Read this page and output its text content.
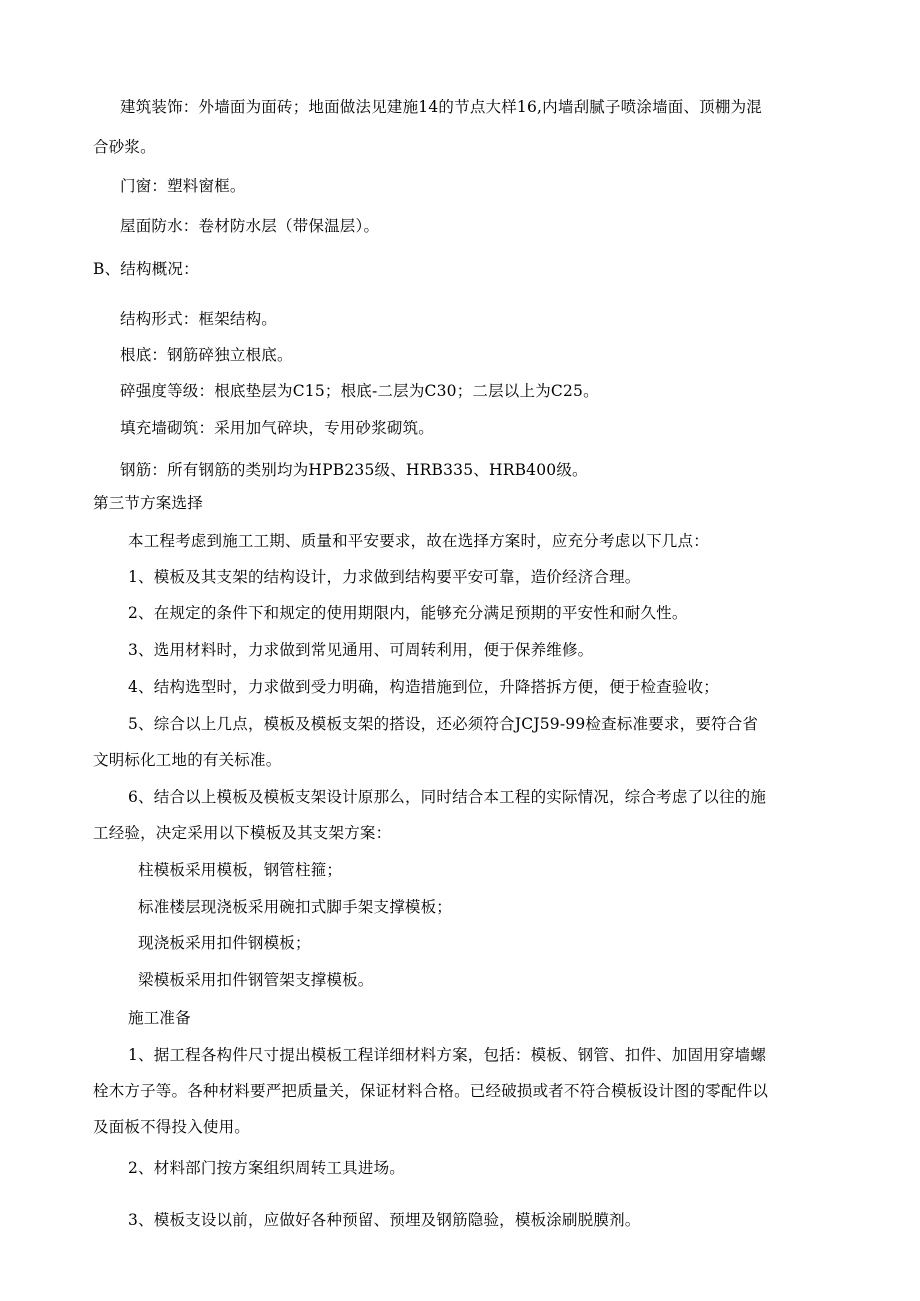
建筑装饰：外墙面为面砖；地面做法见建施14的节点大样16,内墙刮腻子喷涂墙面、顶棚为混
合砂浆。
门窗：塑料窗框。
屋面防水：卷材防水层（带保温层）。
B、结构概况：
结构形式：框架结构。
根底：钢筋碎独立根底。
碎强度等级：根底垫层为C15；根底-二层为C30；二层以上为C25。
填充墙砌筑：采用加气碎块，专用砂浆砌筑。
钢筋：所有钢筋的类别均为HPB235级、HRB335、HRB400级。
第三节方案选择
本工程考虑到施工工期、质量和平安要求，故在选择方案时，应充分考虑以下几点：
1、模板及其支架的结构设计，力求做到结构要平安可靠，造价经济合理。
2、在规定的条件下和规定的使用期限内，能够充分满足预期的平安性和耐久性。
3、选用材料时，力求做到常见通用、可周转利用，便于保养维修。
4、结构选型时，力求做到受力明确，构造措施到位，升降搭拆方便，便于检查验收；
5、综合以上几点，模板及模板支架的搭设，还必须符合JCJ59-99检查标准要求，要符合省
文明标化工地的有关标准。
6、结合以上模板及模板支架设计原那么，同时结合本工程的实际情况，综合考虑了以往的施
工经验，决定采用以下模板及其支架方案：
柱模板采用模板，钢管柱箍；
标准楼层现浇板采用碗扣式脚手架支撑模板；
现浇板采用扣件钢模板；
梁模板采用扣件钢管架支撑模板。
施工准备
1、据工程各构件尺寸提出模板工程详细材料方案，包括：模板、钢管、扣件、加固用穿墙螺
栓木方子等。各种材料要严把质量关，保证材料合格。已经破损或者不符合模板设计图的零配件以
及面板不得投入使用。
2、材料部门按方案组织周转工具进场。
3、模板支设以前，应做好各种预留、预埋及钢筋隐验，模板涂刷脱膜剂。
